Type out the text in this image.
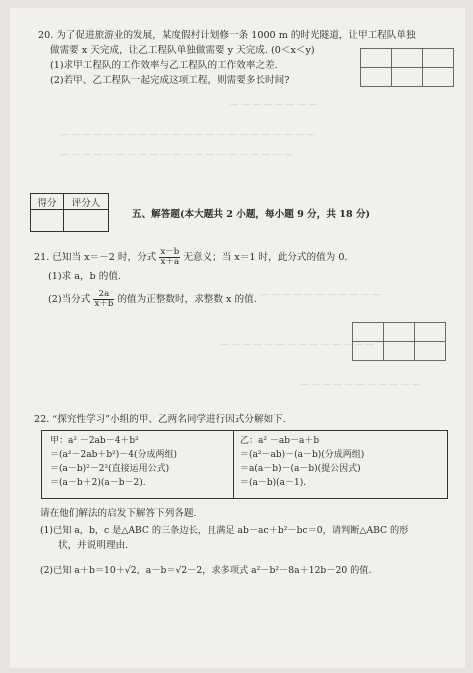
— — — — — — — —
— — — — — — — — — — — — — — — — — — — — — — —
— — — — — — — — — — — — — — — — — — — — —
— — — — — — — — — — —
— — — — — — — — — — — — — —
— — — — — — — — — — —

20. 为了促进旅游业的发展，某度假村计划修一条 1000 m 的时光隧道，让甲工程队单独
做需要 x 天完成，让乙工程队单独做需要 y 天完成. (0＜x＜y)
(1)求甲工程队的工作效率与乙工程队的工作效率之差.
(2)若甲、乙工程队一起完成这项工程，则需要多长时间?
得分	评分人

五、解答题(本大题共 2 小题，每小题 9 分，共 18 分)
21. 已知当 x＝－2 时，分式 $\frac{x-b}{x+a}$ 无意义；当 x＝1 时，此分式的值为 0.
(1)求 a，b 的值.
(2)当分式 $\frac{2a}{x+b}$ 的值为正整数时，求整数 x 的值.

22. “探究性学习”小组的甲、乙两名同学进行因式分解如下.
甲：a² －2ab－4＋b²
＝(a²－2ab＋b²)－4(分成两组)
＝(a－b)²－2²(直接运用公式)
＝(a－b＋2)(a－b－2).
乙：a² －ab－a＋b
＝(a²－ab)－(a－b)(分成两组)
＝a(a－b)－(a－b)(提公因式)
＝(a－b)(a－1).
请在他们解法的启发下解答下列各题.
(1)已知 a，b，c 是△ABC 的三条边长，且满足 ab－ac＋b²－bc＝0，请判断△ABC 的形
状，并说明理由.
(2)已知 a＋b＝10＋√2，a－b＝√2－2，求多项式 a²－b²－8a＋12b－20 的值.
